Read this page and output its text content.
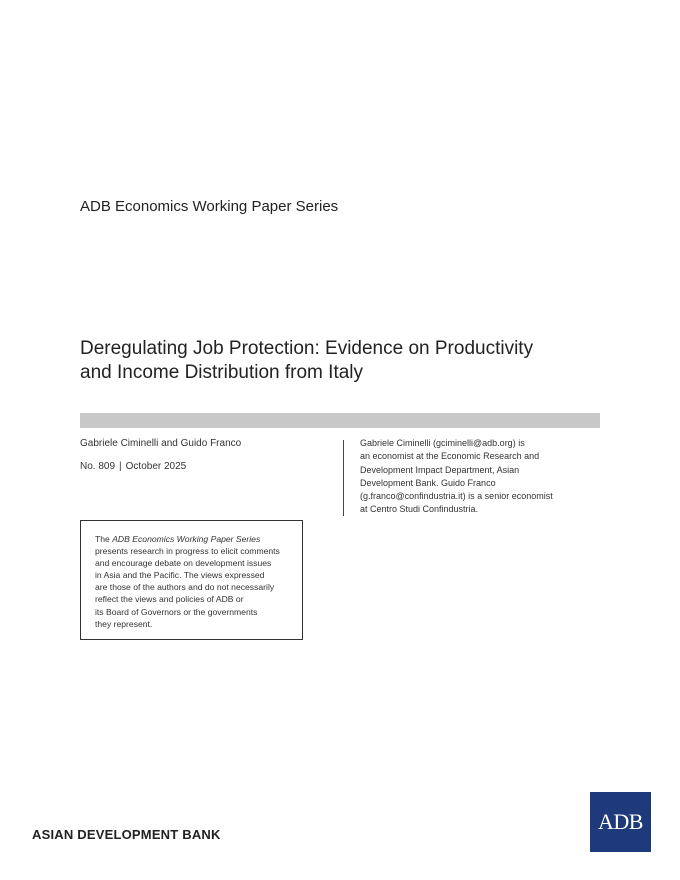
ADB Economics Working Paper Series
Deregulating Job Protection: Evidence on Productivity
and Income Distribution from Italy
Gabriele Ciminelli and Guido Franco
No. 809 | October 2025
Gabriele Ciminelli (gciminelli@adb.org) is
an economist at the Economic Research and
Development Impact Department, Asian
Development Bank. Guido Franco
(g.franco@confindustria.it) is a senior economist
at Centro Studi Confindustria.
The ADB Economics Working Paper Series
presents research in progress to elicit comments
and encourage debate on development issues
in Asia and the Pacific. The views expressed
are those of the authors and do not necessarily
reflect the views and policies of ADB or
its Board of Governors or the governments
they represent.
ASIAN DEVELOPMENT BANK
ADB
